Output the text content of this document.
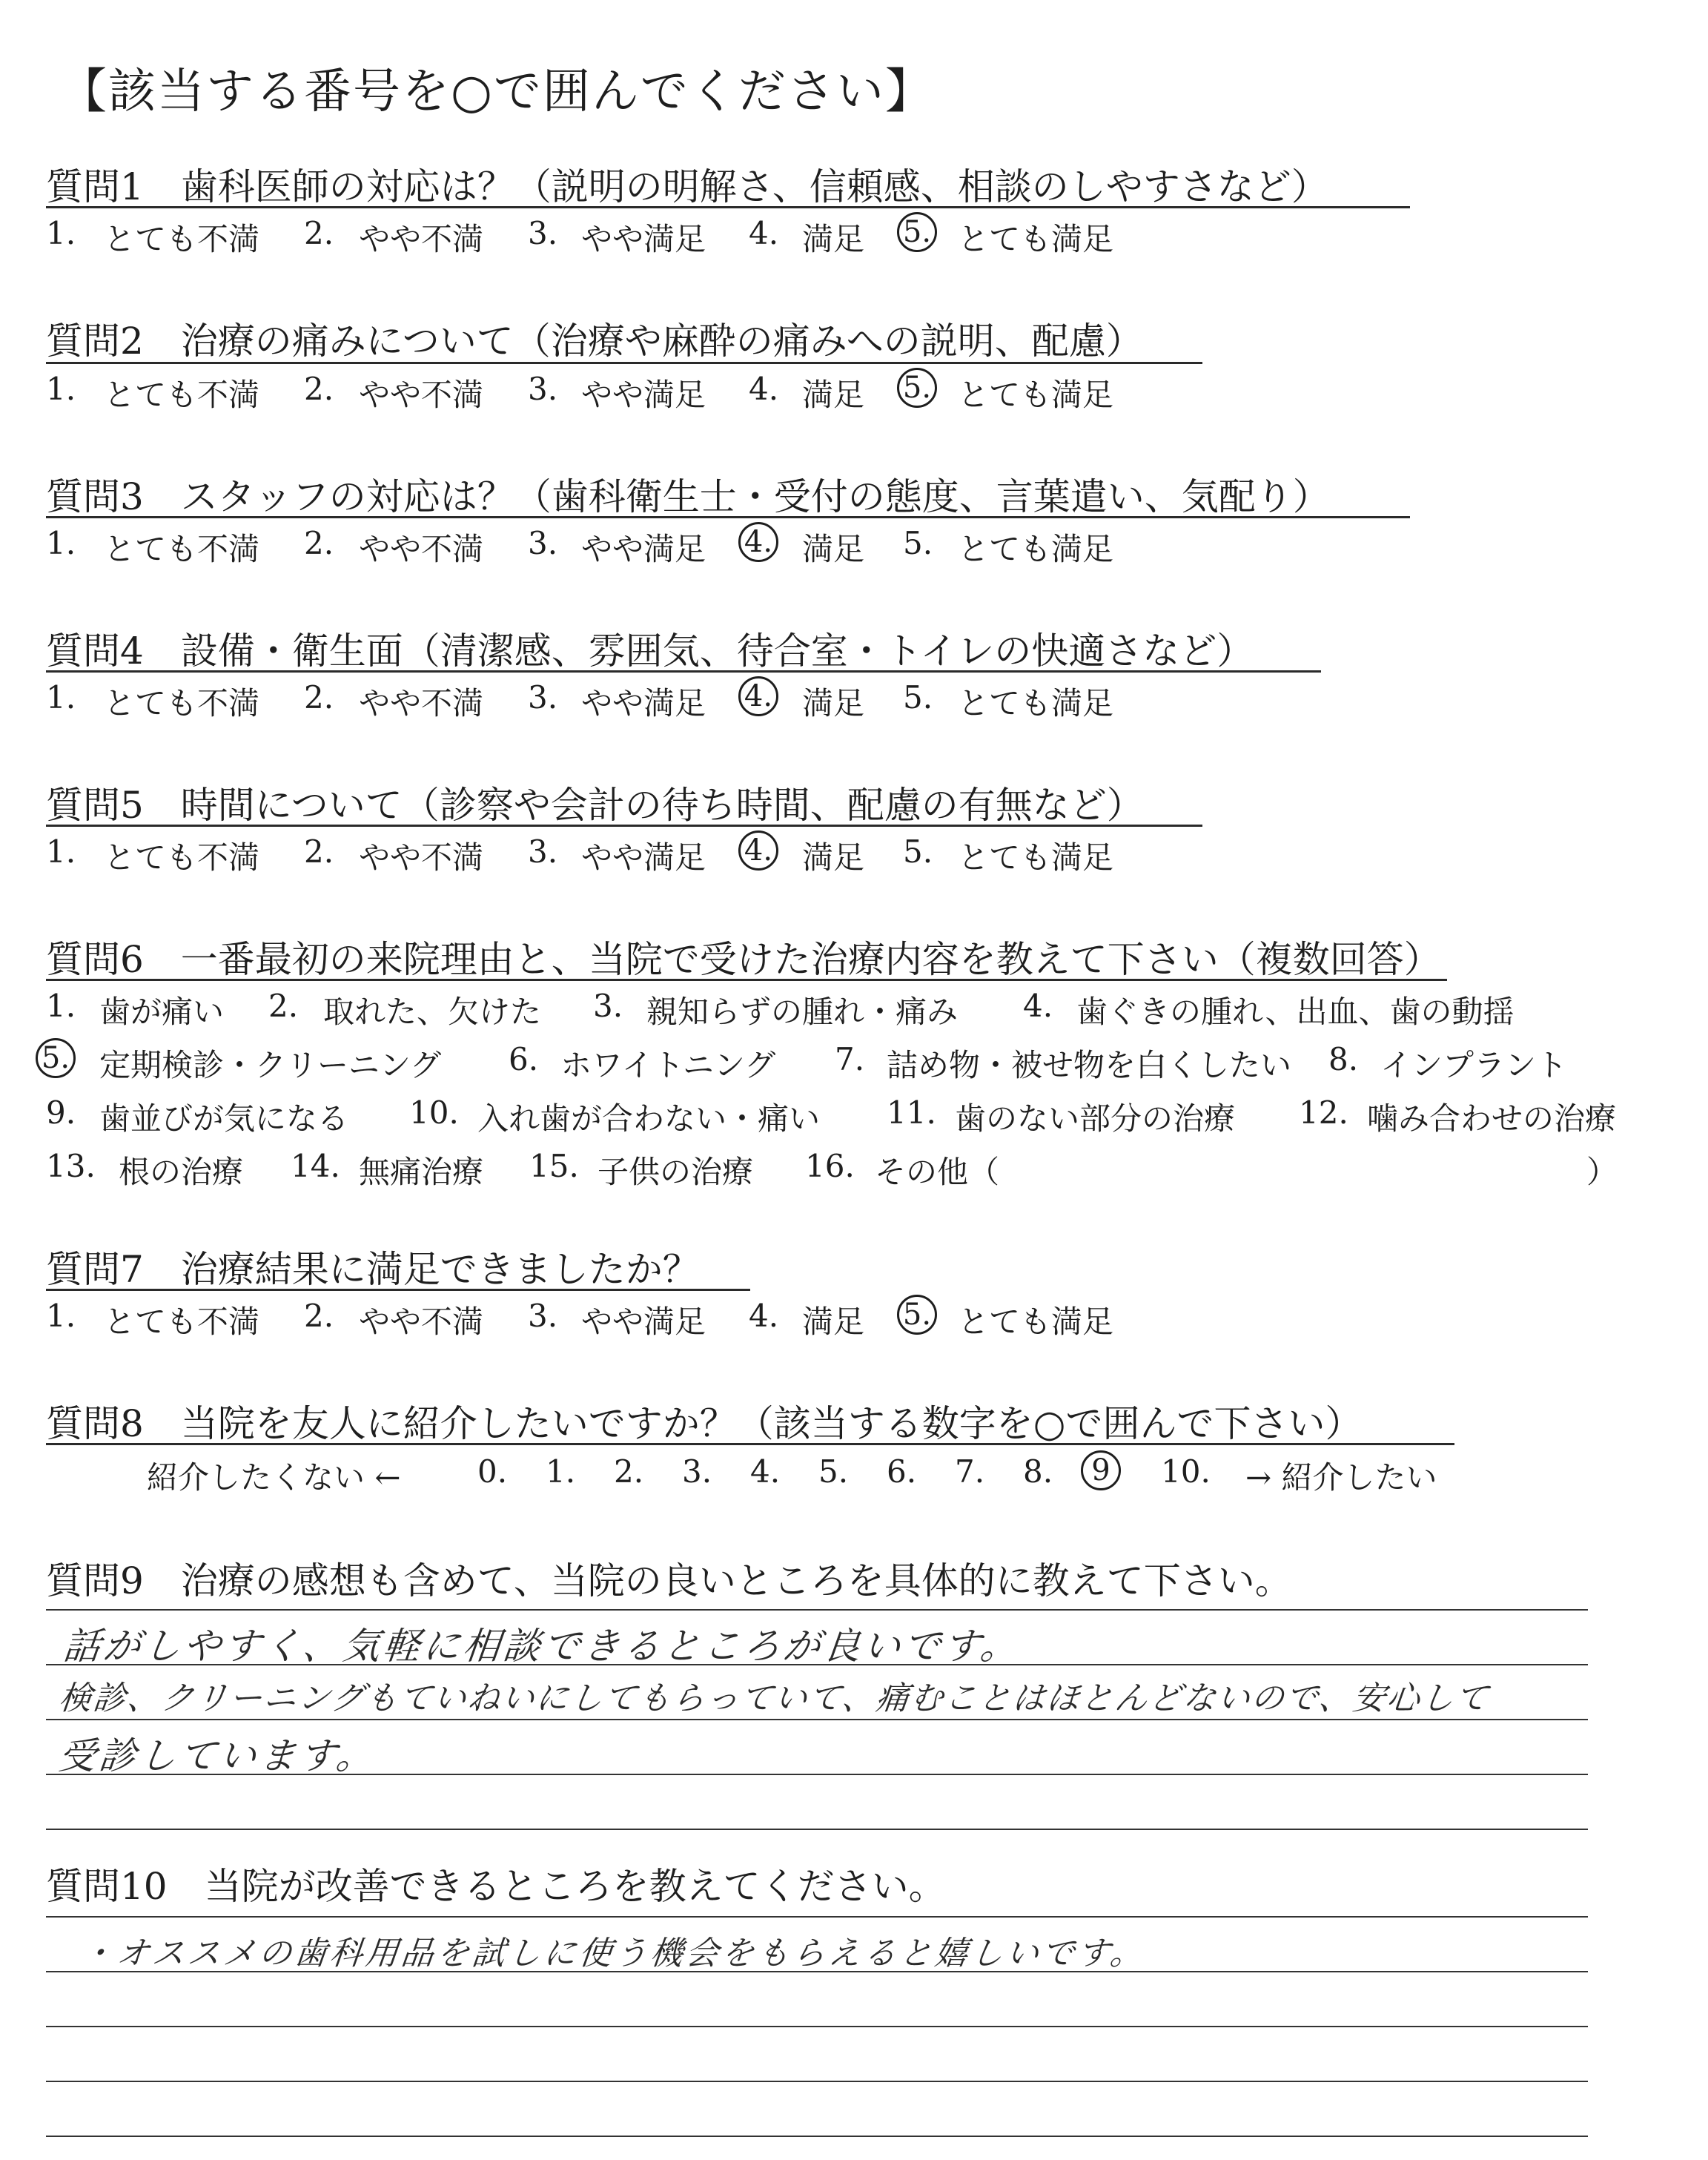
【該当する番号を○で囲んでください】
質問1　歯科医師の対応は？（説明の明解さ、信頼感、相談のしやすさなど）
1. とても不満 2. やや不満 3. やや満足 4. 満足 5. とても満足
質問2　治療の痛みについて（治療や麻酔の痛みへの説明、配慮）
1. とても不満 2. やや不満 3. やや満足 4. 満足 5. とても満足
質問3　スタッフの対応は？（歯科衛生士・受付の態度、言葉遣い、気配り）
1. とても不満 2. やや不満 3. やや満足 4. 満足 5. とても満足
質問4　設備・衛生面（清潔感、雰囲気、待合室・トイレの快適さなど）
1. とても不満 2. やや不満 3. やや満足 4. 満足 5. とても満足
質問5　時間について（診察や会計の待ち時間、配慮の有無など）
1. とても不満 2. やや不満 3. やや満足 4. 満足 5. とても満足
質問6　一番最初の来院理由と、当院で受けた治療内容を教えて下さい（複数回答）
1. 歯が痛い 2. 取れた、欠けた 3. 親知らずの腫れ・痛み 4. 歯ぐきの腫れ、出血、歯の動揺
5. 定期検診・クリーニング 6. ホワイトニング 7. 詰め物・被せ物を白くしたい 8. インプラント
9. 歯並びが気になる 10. 入れ歯が合わない・痛い 11. 歯のない部分の治療 12. 噛み合わせの治療
13. 根の治療 14. 無痛治療 15. 子供の治療 16. その他（	）
質問7　治療結果に満足できましたか？
1. とても不満 2. やや不満 3. やや満足 4. 満足 5. とても満足
質問8　当院を友人に紹介したいですか？（該当する数字を○で囲んで下さい）
紹介したくない ← 0. 1. 2. 3. 4. 5. 6. 7. 8.	9	10. → 紹介したい
質問9　治療の感想も含めて、当院の良いところを具体的に教えて下さい。
話がしやすく、気軽に相談できるところが良いです。
検診、クリーニングもていねいにしてもらっていて、痛むことはほとんどないので、安心して
受診しています。
質問10　当院が改善できるところを教えてください。
・オススメの歯科用品を試しに使う機会をもらえると嬉しいです。
